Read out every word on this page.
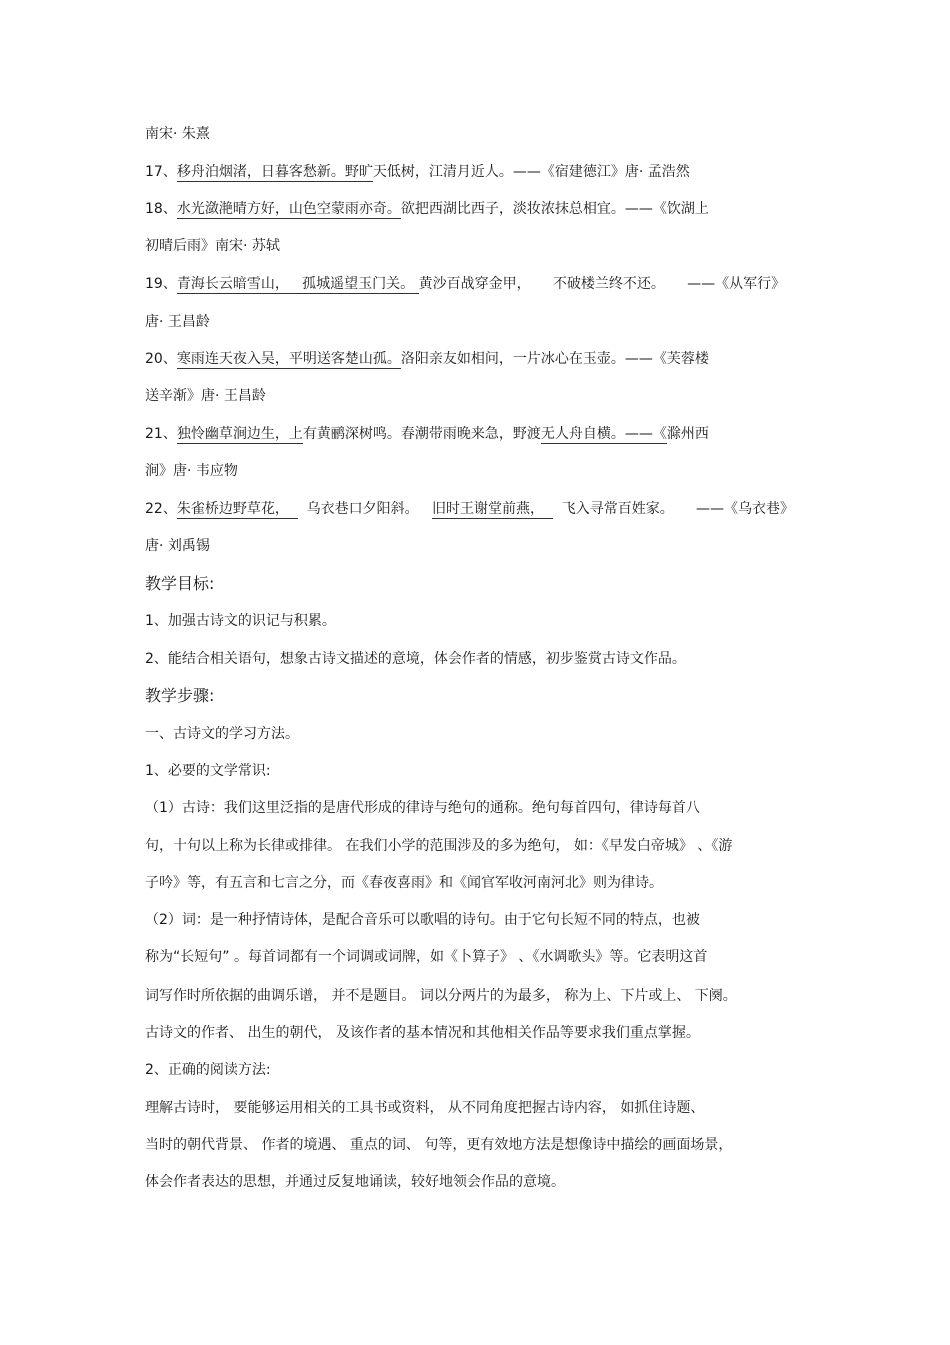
南宋· 朱熹
17、移舟泊烟渚，日暮客愁新。野旷天低树，江清月近人。——《宿建德江》唐· 孟浩然
18、水光潋滟晴方好，山色空蒙雨亦奇。欲把西湖比西子，淡妆浓抹总相宜。——《饮湖上
初晴后雨》南宋· 苏轼
19、青海长云暗雪山，   孤城遥望玉门关。 黄沙百战穿金甲，     不破楼兰终不还。     ——《从军行》
唐· 王昌龄
20、寒雨连天夜入吴，平明送客楚山孤。洛阳亲友如相问，一片冰心在玉壶。——《芙蓉楼
送辛渐》唐· 王昌龄
21、独怜幽草涧边生，上有黄鹂深树鸣。春潮带雨晚来急，野渡无人舟自横。——《滁州西
涧》唐· 韦应物
22、朱雀桥边野草花，    乌衣巷口夕阳斜。   旧时王谢堂前燕，    飞入寻常百姓家。     ——《乌衣巷》
唐· 刘禹锡
教学目标:
1、加强古诗文的识记与积累。
2、能结合相关语句，想象古诗文描述的意境，体会作者的情感，初步鉴赏古诗文作品。
教学步骤:
一、古诗文的学习方法。
1、必要的文学常识:
（1）古诗：我们这里泛指的是唐代形成的律诗与绝句的通称。绝句每首四句，律诗每首八
句，十句以上称为长律或排律。 在我们小学的范围涉及的多为绝句， 如：《早发白帝城》 、《游
子吟》等，有五言和七言之分，而《春夜喜雨》和《闻官军收河南河北》则为律诗。
（2）词：是一种抒情诗体，是配合音乐可以歌唱的诗句。由于它句长短不同的特点，也被
称为“长短句” 。每首词都有一个词调或词牌，如《卜算子》 、《水调歌头》等。它表明这首
词写作时所依据的曲调乐谱， 并不是题目。 词以分两片的为最多， 称为上、下片或上、 下阕。
古诗文的作者、 出生的朝代， 及该作者的基本情况和其他相关作品等要求我们重点掌握。
2、正确的阅读方法:
理解古诗时， 要能够运用相关的工具书或资料， 从不同角度把握古诗内容， 如抓住诗题、
当时的朝代背景、 作者的境遇、 重点的词、 句等，更有效地方法是想像诗中描绘的画面场景，
体会作者表达的思想，并通过反复地诵读，较好地领会作品的意境。
